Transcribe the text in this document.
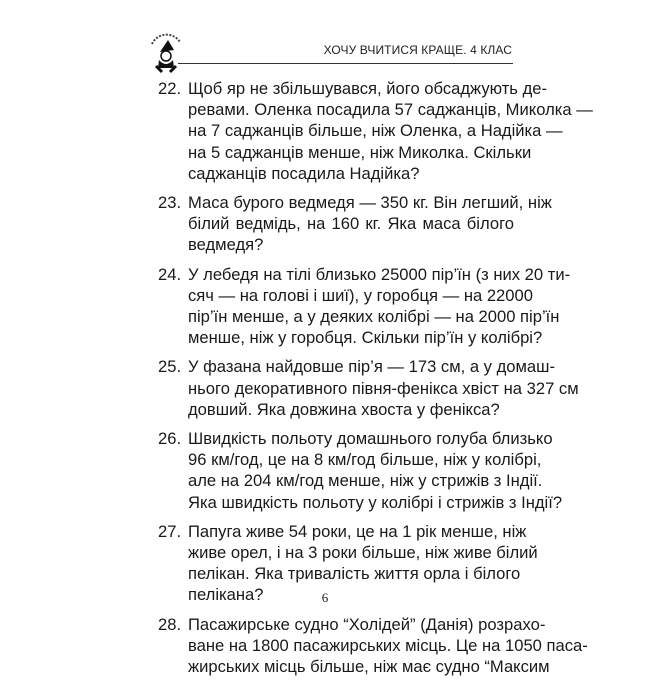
ХОЧУ ВЧИТИСЯ КРАЩЕ. 4 КЛАС
22. Щоб яр не збільшувався, його обсаджують де-
ревами. Оленка посадила 57 саджанців, Миколка —
на 7 саджанців більше, ніж Оленка, а Надійка —
на 5 саджанців менше, ніж Миколка. Скільки
саджанців посадила Надійка?
23. Маса бурого ведмедя — 350 кг. Він легший, ніж
білий ведмідь, на 160 кг. Яка маса білого
ведмедя?
24. У лебедя на тілі близько 25000 пір’їн (з них 20 ти-
сяч — на голові і шиї), у горобця — на 22000
пір’їн менше, а у деяких колібрі — на 2000 пір’їн
менше, ніж у горобця. Скільки пір’їн у колібрі?
25. У фазана найдовше пір’я — 173 см, а у домаш-
нього декоративного півня-фенікса хвіст на 327 см
довший. Яка довжина хвоста у фенікса?
26. Швидкість польоту домашнього голуба близько
96 км/год, це на 8 км/год більше, ніж у колібрі,
але на 204 км/год менше, ніж у стрижів з Індії.
Яка швидкість польоту у колібрі і стрижів з Індії?
27. Папуга живе 54 роки, це на 1 рік менше, ніж
живе орел, і на 3 роки більше, ніж живе білий
пелікан. Яка тривалість життя орла і білого
пелікана?
28. Пасажирське судно “Холідей” (Данія) розрахо-
ване на 1800 пасажирських місць. Це на 1050 паса-
жирських місць більше, ніж має судно “Максим
6
